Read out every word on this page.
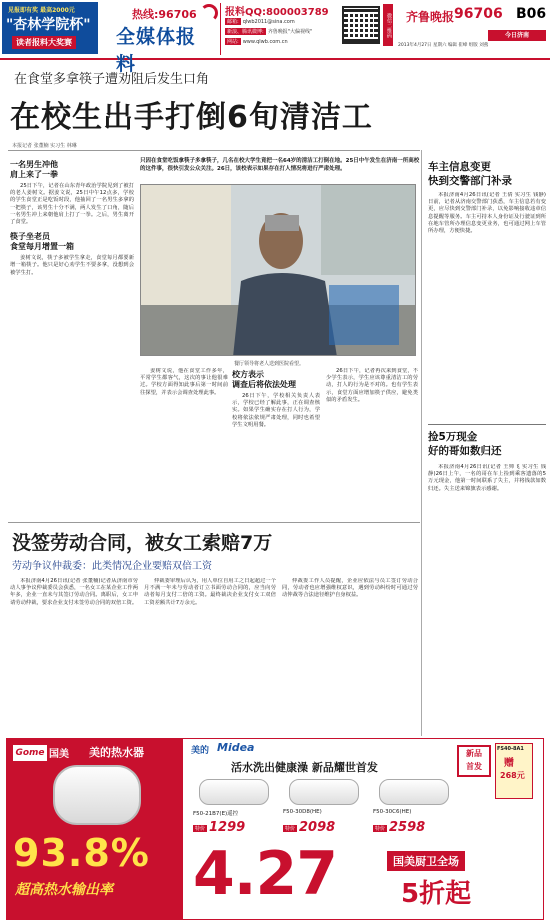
见报即有奖 最高2000元
"杏林学院杯"
读者报料大奖赛
热线:96706
全媒体报料
报料QQ:800003789
邮箱: qlwb2011@sina.com
新浪、腾讯微博: 齐鲁晚报"大偏视线"
网站: www.qlwb.com.cn
微信二维码 齐鲁晚报 96706 B06
今日济南
2013年4月27日 星期六 编辑 崔峰 组版 刘燕
在食堂多拿筷子遭劝阻后发生口角
在校生出手打倒6旬清洁工
本报记者 张董楠 实习生 林琳
一名男生冲他
肩上来了一拳

25日下午，记者在山东青年政治学院见到了被打的老人姜树文。据姜文说，25日中午12点多，学校的学生食堂正是吃饭时段，他抽回了一名男生多拿的一把筷子，该男生十分不满，两人发生了口角，随后一名男生冲上来朝他肩上打了一拳。之后，男生离开了食堂。

筷子坐老员
食堂每月增置一箱

姜树文说，筷子多被学生拿走，食堂每月都要新增一箱筷子。他只是好心劝学生不要多拿，没想到会被学生打。

只因在食堂吃饭拿筷子多拿筷子，几名在校大学生竟把一名64岁的清洁工打倒在地。25日中午发生在济南一所高校的这件事，很快引发公众关注。26日，该校表示如果存在打人情况将进行严肃处理。
餐厅领导将老人送到医院看望。

姜树文说，他在食堂工作多年，平常学生都客气，这次的事让他很难过。学校方面得知此事后第一时间前往探望，并表示会调查处理此事。

校方表示
调查后将依法处理

26日下午，学校相关负责人表示，学校已经了解此事，正在调查核实。如果学生确实存在打人行为，学校将依法依规严肃处理，同时也希望学生文明用餐。

26日下午，记者再次来到食堂，不少学生表示，学生应该尊重清洁工的劳动，打人的行为是不对的。也有学生表示，食堂方面应增加筷子供应，避免类似的矛盾发生。

车主信息变更
快到交警部门补录

本报济南4月26日讯(记者 王倩 实习生 钱静)日前，记者从济南交警部门获悉，车主信息若有变更，应尽快到交警部门补录，以免影响接收违章信息提醒等服务。车主可持本人身份证及行驶证到所在地车管所办理信息变更业务，也可通过网上车管所办理，方便快捷。

捡5万现金
好的哥如数归还

本报济南4月26日讯(记者 王帅飞 实习生 钱静)26日上午，一名的哥在车上捡到乘客遗落的5万元现金，他第一时间联系了失主，并将钱款如数归还。失主送来锦旗表示感谢。

没签劳动合同，被女工索赔7万
劳动争议仲裁委：此类情况企业要赔双倍工资

本报济南4月26日讯(记者 张董楠)记者从济南市劳动人事争议仲裁委员会获悉，一名女工在某企业工作两年多，企业一直未与其签订劳动合同。离职后，女工申请劳动仲裁，要求企业支付未签劳动合同的双倍工资。

仲裁委审理后认为，用人单位自用工之日起超过一个月不满一年未与劳动者订立书面劳动合同的，应当向劳动者每月支付二倍的工资。最终裁决企业支付女工双倍工资差额共计7万余元。

仲裁委工作人员提醒，企业应依法与员工签订劳动合同，劳动者也应增强维权意识，遇到劳动纠纷时可通过劳动仲裁等合法途径维护自身权益。

Gome 国美 美的热水器
93.8%
超高热水输出率
美的 Midea
活水洗出健康澡 新品耀世首发
新品
首发
FS40-8A1
赠
268元
F50-21B7(E)遥控
特价 1299
F50-30D8(HE)
特价 2098
F50-30C6(HE)
特价 2598
4.27	国美厨卫全场
5折起
